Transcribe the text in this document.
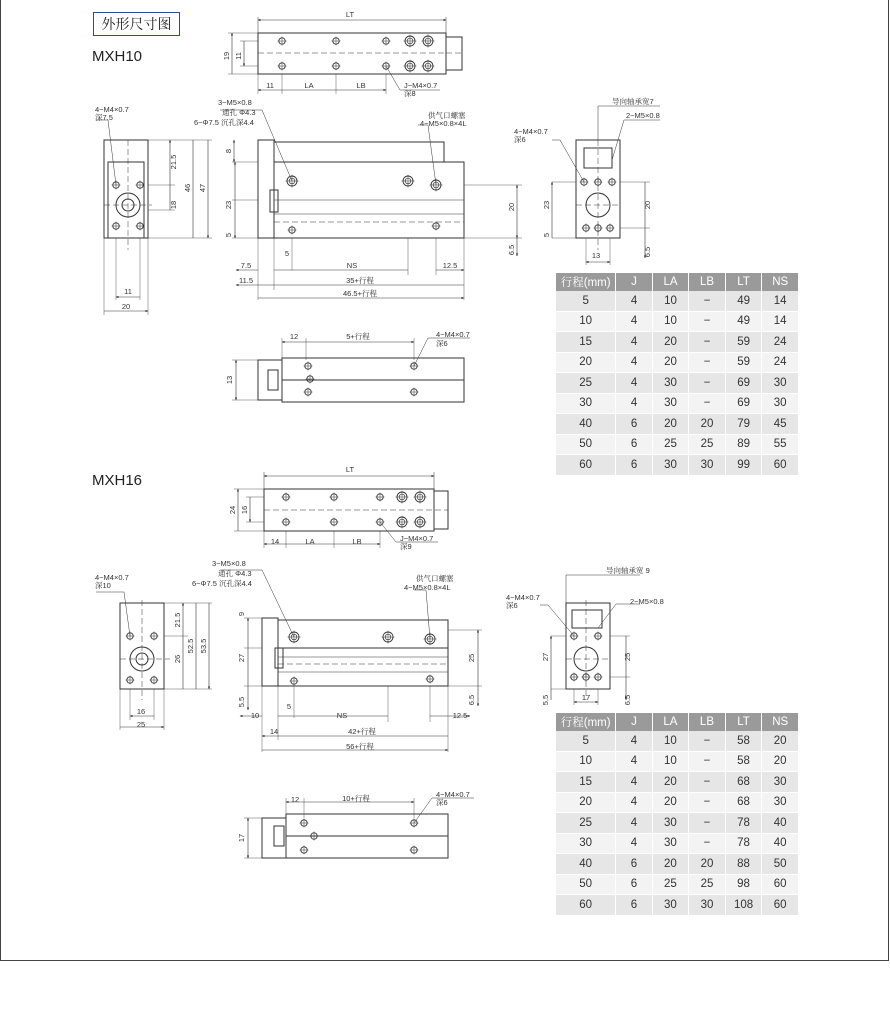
外形尺寸图
MXH10
MXH16
LT
19 11
11	LA	LB	J−M4×0.7
深8
4−M4×0.7
深7.5
21.5
18
46 47
11
20
3−M5×0.8
通孔 Φ4.3
6−Φ7.5 沉孔深4.4
供气口螺塞
4−M5×0.8×4L
8
23
5
20
6.5
7.5
5
NS	12.5
11.5	35+行程
46.5+行程
导向轴承宽7
2−M5×0.8
4−M4×0.7
深6
23
5
20
6.5
13
12	5+行程	4−M4×0.7
深6
13
LT
24 16
14	LA	LB	J−M4×0.7
深9
4−M4×0.7
深10
21.5
26
52.5 53.5
16
25
3−M5×0.8
通孔 Φ4.3
6−Φ7.5 沉孔深4.4
供气口螺塞
4−M5×0.8×4L
9
27
5.5
25
6.5
10
5
NS	12.5
14	42+行程
56+行程
导向轴承宽 9
2−M5×0.8
4−M4×0.7
深6
27
5.5
25
6.5
17
12	10+行程	4−M4×0.7
深6
17
行程(mm)	J	LA	LB	LT	NS
5	4	10	−	49	14
10	4	10	−	49	14
15	4	20	−	59	24
20	4	20	−	59	24
25	4	30	−	69	30
30	4	30	−	69	30
40	6	20	20	79	45
50	6	25	25	89	55
60	6	30	30	99	60
行程(mm)	J	LA	LB	LT	NS
5	4	10	−	58	20
10	4	10	−	58	20
15	4	20	−	68	30
20	4	20	−	68	30
25	4	30	−	78	40
30	4	30	−	78	40
40	6	20	20	88	50
50	6	25	25	98	60
60	6	30	30	108	60
